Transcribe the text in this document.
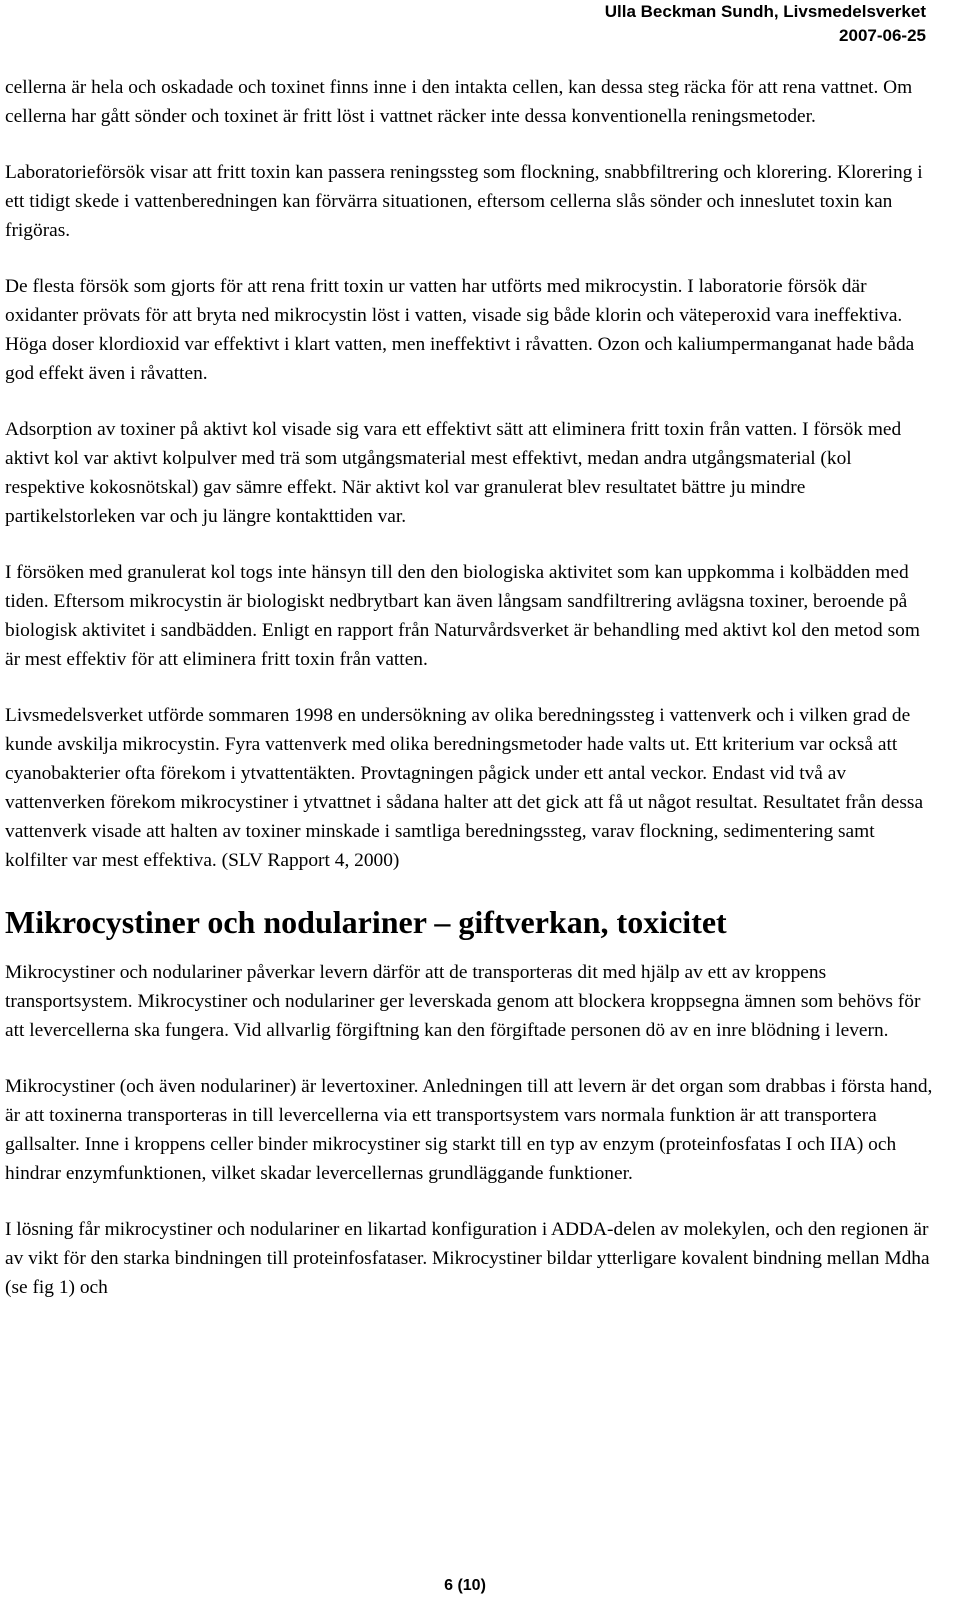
Ulla Beckman Sundh, Livsmedelsverket
2007-06-25

cellerna är hela och oskadade och toxinet finns inne i den intakta cellen, kan dessa steg räcka för att rena vattnet. Om cellerna har gått sönder och toxinet är fritt löst i vattnet räcker inte dessa konventionella reningsmetoder.

Laboratorieförsök visar att fritt toxin kan passera reningssteg som flockning, snabbfiltrering och klorering. Klorering i ett tidigt skede i vattenberedningen kan förvärra situationen, eftersom cellerna slås sönder och inneslutet toxin kan frigöras.

De flesta försök som gjorts för att rena fritt toxin ur vatten har utförts med mikrocystin. I laboratorie försök där oxidanter prövats för att bryta ned mikrocystin löst i vatten, visade sig både klorin och väteperoxid vara ineffektiva. Höga doser klordioxid var effektivt i klart vatten, men ineffektivt i råvatten. Ozon och kaliumpermanganat hade båda god effekt även i råvatten.

Adsorption av toxiner på aktivt kol visade sig vara ett effektivt sätt att eliminera fritt toxin från vatten. I försök med aktivt kol var aktivt kolpulver med trä som utgångsmaterial mest effektivt, medan andra utgångsmaterial (kol respektive kokosnötskal) gav sämre effekt. När aktivt kol var granulerat blev resultatet bättre ju mindre partikelstorleken var och ju längre kontakttiden var.

I försöken med granulerat kol togs inte hänsyn till den den biologiska aktivitet som kan uppkomma i kolbädden med tiden. Eftersom mikrocystin är biologiskt nedbrytbart kan även långsam sandfiltrering avlägsna toxiner, beroende på biologisk aktivitet i sandbädden. Enligt en rapport från Naturvårdsverket är behandling med aktivt kol den metod som är mest effektiv för att eliminera fritt toxin från vatten.

Livsmedelsverket utförde sommaren 1998 en undersökning av olika beredningssteg i vattenverk och i vilken grad de kunde avskilja mikrocystin. Fyra vattenverk med olika beredningsmetoder hade valts ut. Ett kriterium var också att cyanobakterier ofta förekom i ytvattentäkten. Provtagningen pågick under ett antal veckor. Endast vid två av vattenverken förekom mikrocystiner i ytvattnet i sådana halter att det gick att få ut något resultat. Resultatet från dessa vattenverk visade att halten av toxiner minskade i samtliga beredningssteg, varav flockning, sedimentering samt kolfilter var mest effektiva. (SLV Rapport 4, 2000)

Mikrocystiner och nodulariner – giftverkan, toxicitet

Mikrocystiner och nodulariner påverkar levern därför att de transporteras dit med hjälp av ett av kroppens transportsystem. Mikrocystiner och nodulariner ger leverskada genom att blockera kroppsegna ämnen som behövs för att levercellerna ska fungera. Vid allvarlig förgiftning kan den förgiftade personen dö av en inre blödning i levern.

Mikrocystiner (och även nodulariner) är levertoxiner. Anledningen till att levern är det organ som drabbas i första hand, är att toxinerna transporteras in till levercellerna via ett transportsystem vars normala funktion är att transportera gallsalter. Inne i kroppens celler binder mikrocystiner sig starkt till en typ av enzym (proteinfosfatas I och IIA) och hindrar enzymfunktionen, vilket skadar levercellernas grundläggande funktioner.

I lösning får mikrocystiner och nodulariner en likartad konfiguration i ADDA-delen av molekylen, och den regionen är av vikt för den starka bindningen till proteinfosfataser. Mikrocystiner bildar ytterligare kovalent bindning mellan Mdha (se fig 1) och

6 (10)
